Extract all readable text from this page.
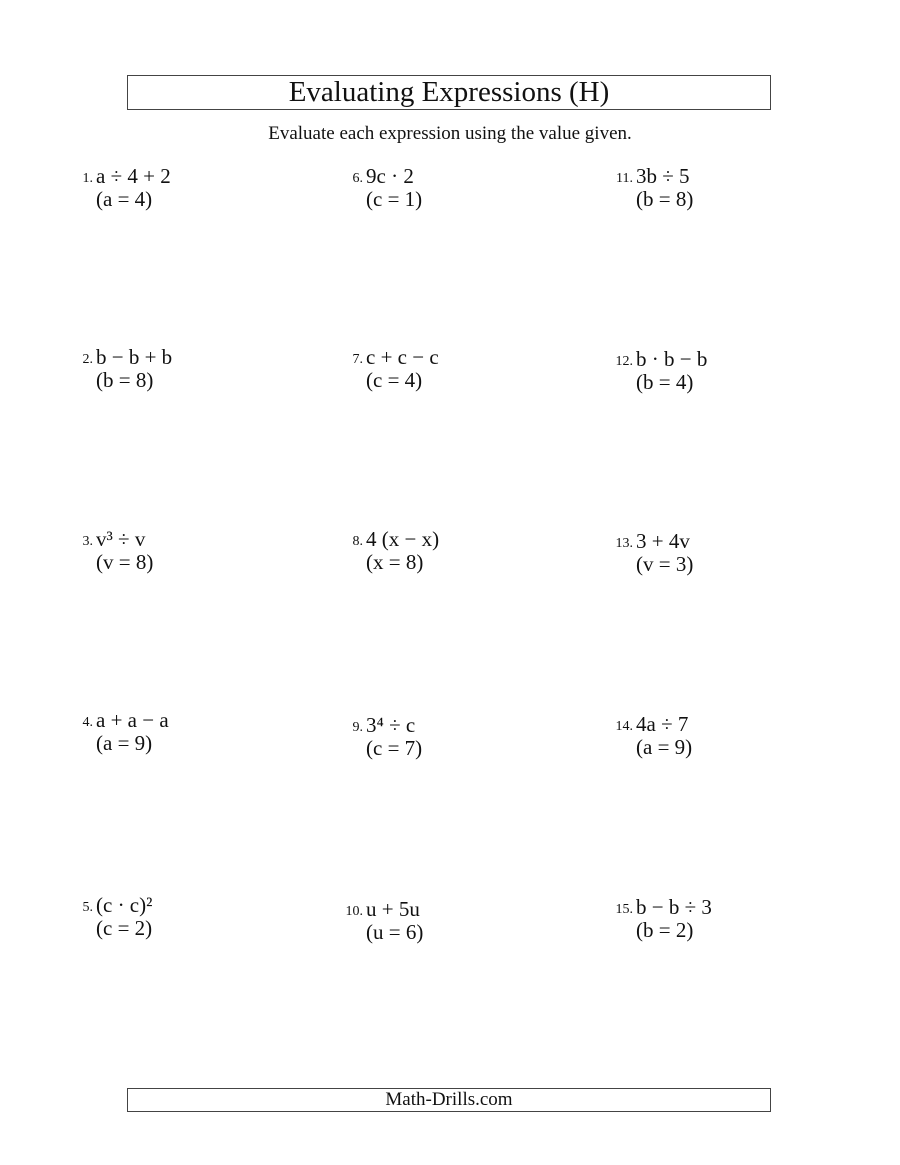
Evaluating Expressions (H)
Evaluate each expression using the value given.
1. a ÷ 4 + 2
(a = 4)
2. b − b + b
(b = 8)
3. v³ ÷ v
(v = 8)
4. a + a − a
(a = 9)
5. (c · c)²
(c = 2)
6. 9c · 2
(c = 1)
7. c + c − c
(c = 4)
8. 4 (x − x)
(x = 8)
9. 3⁴ ÷ c
(c = 7)
10. u + 5u
(u = 6)
11. 3b ÷ 5
(b = 8)
12. b · b − b
(b = 4)
13. 3 + 4v
(v = 3)
14. 4a ÷ 7
(a = 9)
15. b − b ÷ 3
(b = 2)
Math-Drills.com
